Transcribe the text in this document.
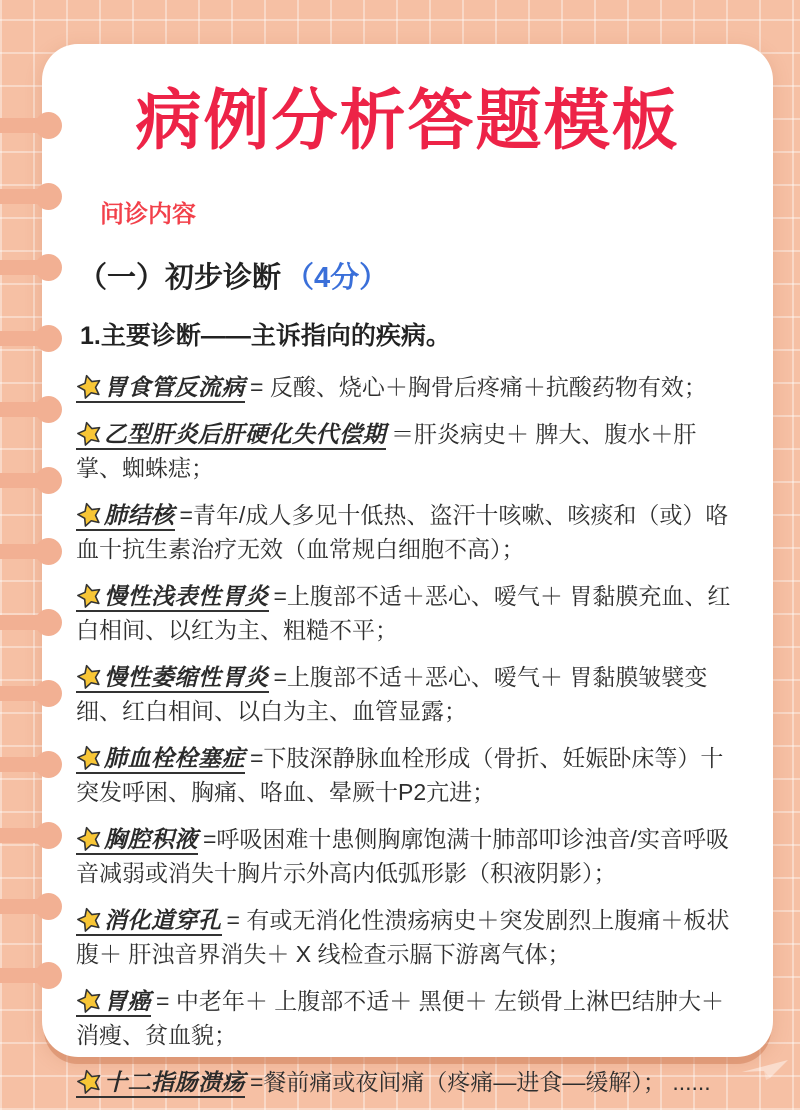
病例分析答题模板
问诊内容
（一）初步诊断 （4分）
1.主要诊断——主诉指向的疾病。

胃食管反流病 = 反酸、烧心＋胸骨后疼痛＋抗酸药物有效；

乙型肝炎后肝硬化失代偿期 ＝肝炎病史＋ 脾大、腹水＋肝掌、蜘蛛痣；

肺结核 =青年/成人多见十低热、盗汗十咳嗽、咳痰和（或）咯血十抗生素治疗无效（血常规白细胞不高）；

慢性浅表性胃炎 =上腹部不适＋恶心、嗳气＋ 胃黏膜充血、红白相间、以红为主、粗糙不平；

慢性萎缩性胃炎 =上腹部不适＋恶心、嗳气＋ 胃黏膜皱襞变细、红白相间、以白为主、血管显露；

肺血栓栓塞症 =下肢深静脉血栓形成（骨折、妊娠卧床等）十突发呼困、胸痛、咯血、晕厥十P2亢进；

胸腔积液 =呼吸困难十患侧胸廓饱满十肺部叩诊浊音/实音呼吸音减弱或消失十胸片示外高内低弧形影（积液阴影）；

消化道穿孔 = 有或无消化性溃疡病史＋突发剧烈上腹痛＋板状腹＋ 肝浊音界消失＋ X 线检查示膈下游离气体；

胃癌 = 中老年＋ 上腹部不适＋ 黑便＋ 左锁骨上淋巴结肿大＋消瘦、贫血貌；

十二指肠溃疡 =餐前痛或夜间痛（疼痛—进食—缓解）； ......
